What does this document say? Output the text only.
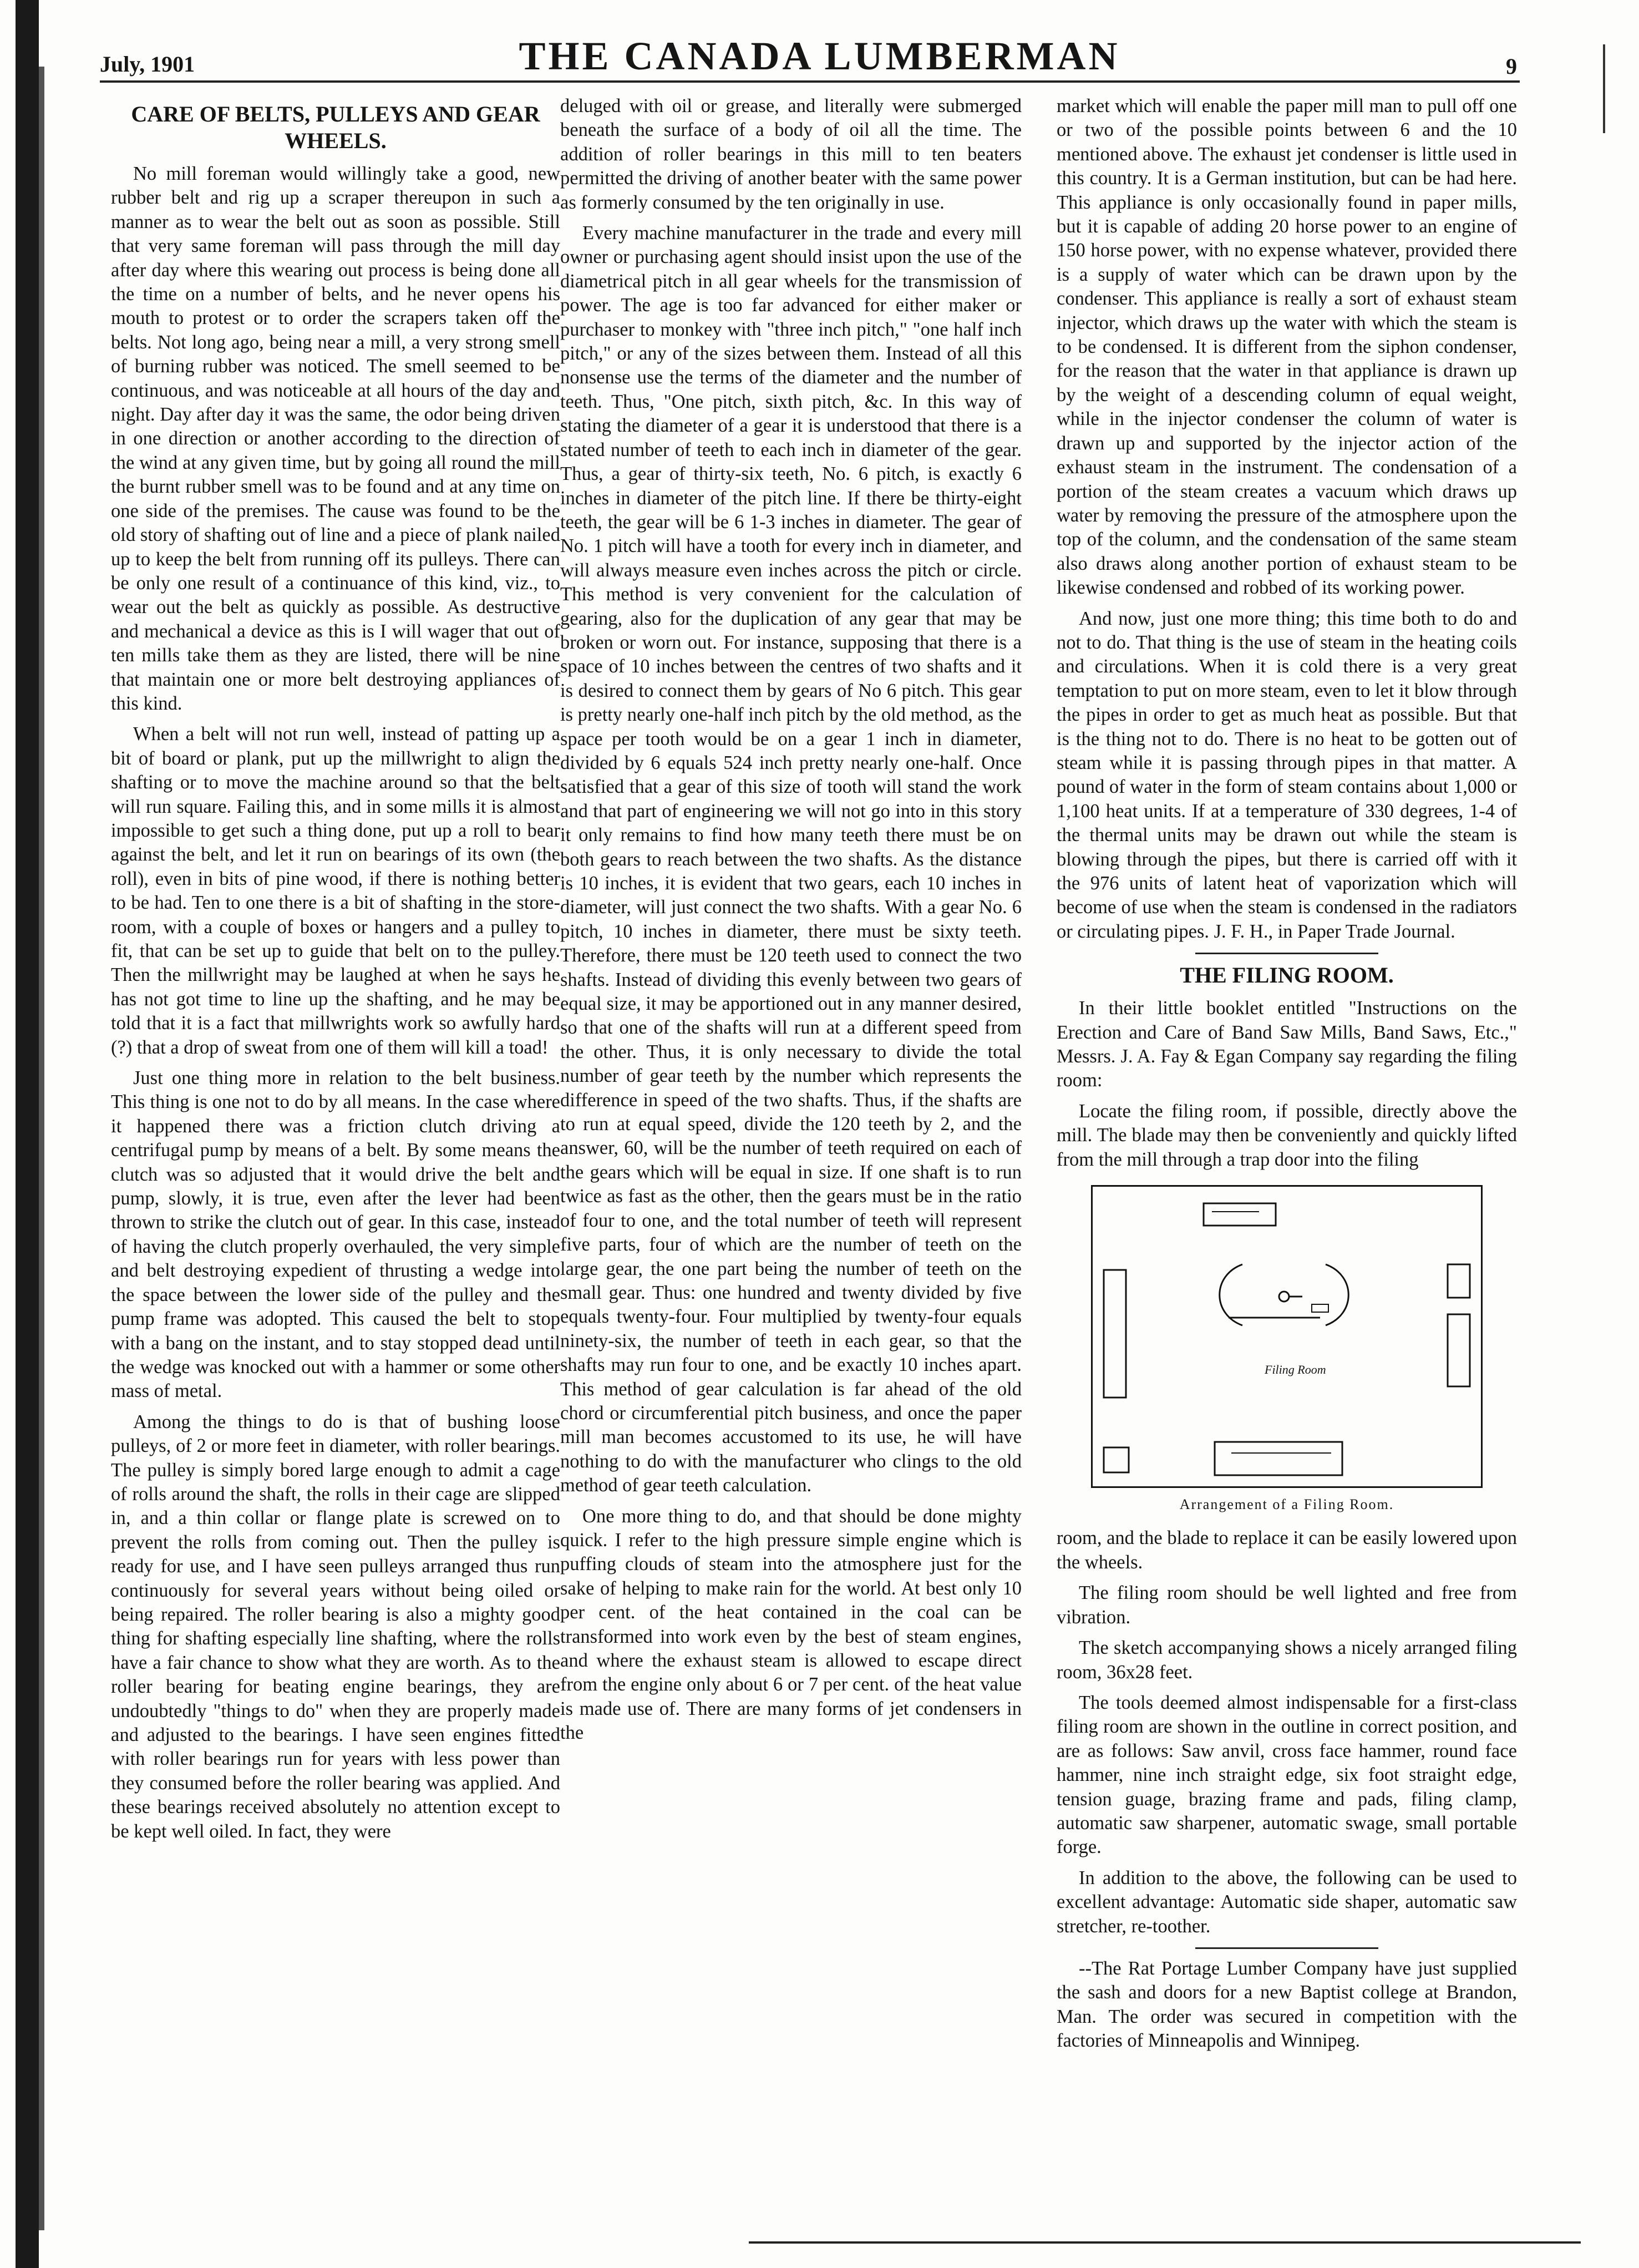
July, 1901	THE CANADA LUMBERMAN	9
CARE OF BELTS, PULLEYS AND GEAR WHEELS.

No mill foreman would willingly take a good, new rubber belt and rig up a scraper thereupon in such a manner as to wear the belt out as soon as possible. Still that very same foreman will pass through the mill day after day where this wearing out process is being done all the time on a number of belts, and he never opens his mouth to protest or to order the scrapers taken off the belts. Not long ago, being near a mill, a very strong smell of burning rubber was noticed. The smell seemed to be continuous, and was noticeable at all hours of the day and night. Day after day it was the same, the odor being driven in one direction or another according to the direction of the wind at any given time, but by going all round the mill the burnt rubber smell was to be found and at any time on one side of the premises. The cause was found to be the old story of shafting out of line and a piece of plank nailed up to keep the belt from running off its pulleys. There can be only one result of a continuance of this kind, viz., to wear out the belt as quickly as possible. As destructive and mechanical a device as this is I will wager that out of ten mills take them as they are listed, there will be nine that maintain one or more belt destroying appliances of this kind.

When a belt will not run well, instead of patting up a bit of board or plank, put up the millwright to align the shafting or to move the machine around so that the belt will run square. Failing this, and in some mills it is almost impossible to get such a thing done, put up a roll to bear against the belt, and let it run on bearings of its own (the roll), even in bits of pine wood, if there is nothing better to be had. Ten to one there is a bit of shafting in the store-room, with a couple of boxes or hangers and a pulley to fit, that can be set up to guide that belt on to the pulley. Then the millwright may be laughed at when he says he has not got time to line up the shafting, and he may be told that it is a fact that millwrights work so awfully hard (?) that a drop of sweat from one of them will kill a toad!

Just one thing more in relation to the belt business. This thing is one not to do by all means. In the case where it happened there was a friction clutch driving a centrifugal pump by means of a belt. By some means the clutch was so adjusted that it would drive the belt and pump, slowly, it is true, even after the lever had been thrown to strike the clutch out of gear. In this case, instead of having the clutch properly overhauled, the very simple and belt destroying expedient of thrusting a wedge into the space between the lower side of the pulley and the pump frame was adopted. This caused the belt to stop with a bang on the instant, and to stay stopped dead until the wedge was knocked out with a hammer or some other mass of metal.

Among the things to do is that of bushing loose pulleys, of 2 or more feet in diameter, with roller bearings. The pulley is simply bored large enough to admit a cage of rolls around the shaft, the rolls in their cage are slipped in, and a thin collar or flange plate is screwed on to prevent the rolls from coming out. Then the pulley is ready for use, and I have seen pulleys arranged thus run continuously for several years without being oiled or being repaired. The roller bearing is also a mighty good thing for shafting especially line shafting, where the rolls have a fair chance to show what they are worth. As to the roller bearing for beating engine bearings, they are undoubtedly "things to do" when they are properly made and adjusted to the bearings. I have seen engines fitted with roller bearings run for years with less power than they consumed before the roller bearing was applied. And these bearings received absolutely no attention except to be kept well oiled. In fact, they were

deluged with oil or grease, and literally were submerged beneath the surface of a body of oil all the time. The addition of roller bearings in this mill to ten beaters permitted the driving of another beater with the same power as formerly consumed by the ten originally in use.

Every machine manufacturer in the trade and every mill owner or purchasing agent should insist upon the use of the diametrical pitch in all gear wheels for the transmission of power. The age is too far advanced for either maker or purchaser to monkey with "three inch pitch," "one half inch pitch," or any of the sizes between them. Instead of all this nonsense use the terms of the diameter and the number of teeth. Thus, "One pitch, sixth pitch, &c. In this way of stating the diameter of a gear it is understood that there is a stated number of teeth to each inch in diameter of the gear. Thus, a gear of thirty-six teeth, No. 6 pitch, is exactly 6 inches in diameter of the pitch line. If there be thirty-eight teeth, the gear will be 6 1-3 inches in diameter. The gear of No. 1 pitch will have a tooth for every inch in diameter, and will always measure even inches across the pitch or circle. This method is very convenient for the calculation of gearing, also for the duplication of any gear that may be broken or worn out. For instance, supposing that there is a space of 10 inches between the centres of two shafts and it is desired to connect them by gears of No 6 pitch. This gear is pretty nearly one-half inch pitch by the old method, as the space per tooth would be on a gear 1 inch in diameter, divided by 6 equals 524 inch pretty nearly one-half. Once satisfied that a gear of this size of tooth will stand the work and that part of engineering we will not go into in this story it only remains to find how many teeth there must be on both gears to reach between the two shafts. As the distance is 10 inches, it is evident that two gears, each 10 inches in diameter, will just connect the two shafts. With a gear No. 6 pitch, 10 inches in diameter, there must be sixty teeth. Therefore, there must be 120 teeth used to connect the two shafts. Instead of dividing this evenly between two gears of equal size, it may be apportioned out in any manner desired, so that one of the shafts will run at a different speed from the other. Thus, it is only necessary to divide the total number of gear teeth by the number which represents the difference in speed of the two shafts. Thus, if the shafts are to run at equal speed, divide the 120 teeth by 2, and the answer, 60, will be the number of teeth required on each of the gears which will be equal in size. If one shaft is to run twice as fast as the other, then the gears must be in the ratio of four to one, and the total number of teeth will represent five parts, four of which are the number of teeth on the large gear, the one part being the number of teeth on the small gear. Thus: one hundred and twenty divided by five equals twenty-four. Four multiplied by twenty-four equals ninety-six, the number of teeth in each gear, so that the shafts may run four to one, and be exactly 10 inches apart. This method of gear calculation is far ahead of the old chord or circumferential pitch business, and once the paper mill man becomes accustomed to its use, he will have nothing to do with the manufacturer who clings to the old method of gear teeth calculation.

One more thing to do, and that should be done mighty quick. I refer to the high pressure simple engine which is puffing clouds of steam into the atmosphere just for the sake of helping to make rain for the world. At best only 10 per cent. of the heat contained in the coal can be transformed into work even by the best of steam engines, and where the exhaust steam is allowed to escape direct from the engine only about 6 or 7 per cent. of the heat value is made use of. There are many forms of jet condensers in the

market which will enable the paper mill man to pull off one or two of the possible points between 6 and the 10 mentioned above. The exhaust jet condenser is little used in this country. It is a German institution, but can be had here. This appliance is only occasionally found in paper mills, but it is capable of adding 20 horse power to an engine of 150 horse power, with no expense whatever, provided there is a supply of water which can be drawn upon by the condenser. This appliance is really a sort of exhaust steam injector, which draws up the water with which the steam is to be condensed. It is different from the siphon condenser, for the reason that the water in that appliance is drawn up by the weight of a descending column of equal weight, while in the injector condenser the column of water is drawn up and supported by the injector action of the exhaust steam in the instrument. The condensation of a portion of the steam creates a vacuum which draws up water by removing the pressure of the atmosphere upon the top of the column, and the condensation of the same steam also draws along another portion of exhaust steam to be likewise condensed and robbed of its working power.

And now, just one more thing; this time both to do and not to do. That thing is the use of steam in the heating coils and circulations. When it is cold there is a very great temptation to put on more steam, even to let it blow through the pipes in order to get as much heat as possible. But that is the thing not to do. There is no heat to be gotten out of steam while it is passing through pipes in that matter. A pound of water in the form of steam contains about 1,000 or 1,100 heat units. If at a temperature of 330 degrees, 1-4 of the thermal units may be drawn out while the steam is blowing through the pipes, but there is carried off with it the 976 units of latent heat of vaporization which will become of use when the steam is condensed in the radiators or circulating pipes. J. F. H., in Paper Trade Journal.

THE FILING ROOM.

In their little booklet entitled "Instructions on the Erection and Care of Band Saw Mills, Band Saws, Etc.," Messrs. J. A. Fay & Egan Company say regarding the filing room:

Locate the filing room, if possible, directly above the mill. The blade may then be conveniently and quickly lifted from the mill through a trap door into the filing

Filing Room
Arrangement of a Filing Room.

room, and the blade to replace it can be easily lowered upon the wheels.

The filing room should be well lighted and free from vibration.

The sketch accompanying shows a nicely arranged filing room, 36x28 feet.

The tools deemed almost indispensable for a first-class filing room are shown in the outline in correct position, and are as follows: Saw anvil, cross face hammer, round face hammer, nine inch straight edge, six foot straight edge, tension guage, brazing frame and pads, filing clamp, automatic saw sharpener, automatic swage, small portable forge.

In addition to the above, the following can be used to excellent advantage: Automatic side shaper, automatic saw stretcher, re-toother.

--The Rat Portage Lumber Company have just supplied the sash and doors for a new Baptist college at Brandon, Man. The order was secured in competition with the factories of Minneapolis and Winnipeg.
